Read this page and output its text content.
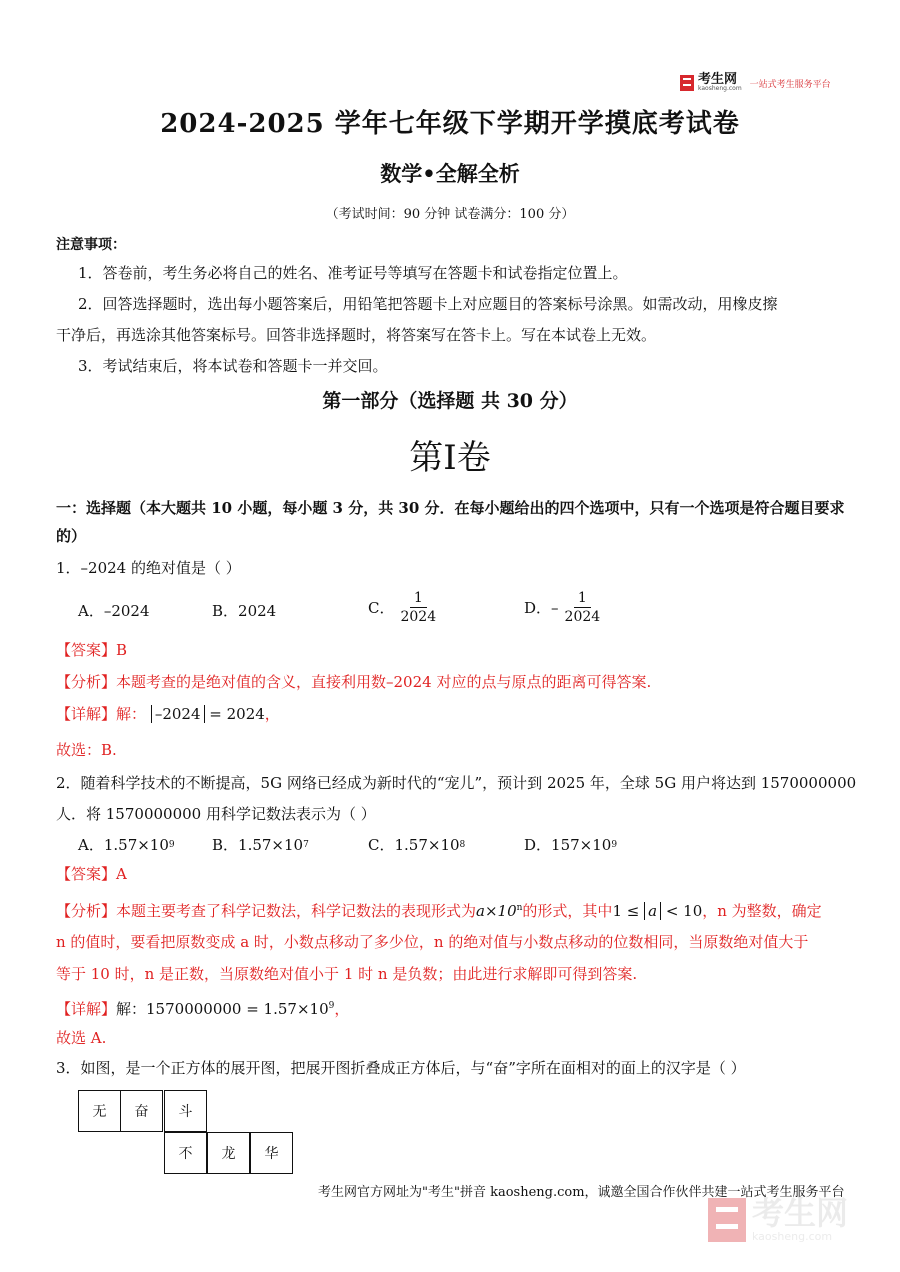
考生网
kaosheng.com 一站式考生服务平台
2024-2025 学年七年级下学期开学摸底考试卷
数学•全解全析
（考试时间：90 分钟 试卷满分：100 分）
注意事项：
1．答卷前，考生务必将自己的姓名、准考证号等填写在答题卡和试卷指定位置上。
2．回答选择题时，选出每小题答案后，用铅笔把答题卡上对应题目的答案标号涂黑。如需改动，用橡皮擦
干净后，再选涂其他答案标号。回答非选择题时，将答案写在答卡上。写在本试卷上无效。
3．考试结束后，将本试卷和答题卡一并交回。
第一部分（选择题 共 30 分）
第I卷
一：选择题（本大题共 10 小题，每小题 3 分，共 30 分．在每小题给出的四个选项中，只有一个选项是符合题目要求的）
1．–2024 的绝对值是（ ）
A．–2024	B．2024	C． $\frac{1}{2024}$	D．– $\frac{1}{2024}$
【答案】B
【分析】本题考查的是绝对值的含义，直接利用数–2024 对应的点与原点的距离可得答案.
【详解】解： –2024 = 2024，
故选：B.
2．随着科学技术的不断提高，5G 网络已经成为新时代的“宠儿”，预计到 2025 年，全球 5G 用户将达到 1570000000
人．将 1570000000 用科学记数法表示为（ ）
A．1.57×10 9 B．1.57×10 7	C．1.57×10 8	D．157×10 9
【答案】A
【分析】本题主要考查了科学记数法，科学记数法的表现形式为$a\times 10^n$的形式，其中1 ≤ a < 10，n 为整数，确定
n 的值时，要看把原数变成 a 时，小数点移动了多少位，n 的绝对值与小数点移动的位数相同，当原数绝对值大于
等于 10 时，n 是正数，当原数绝对值小于 1 时 n 是负数；由此进行求解即可得到答案.
【详解】解：$1570000000 = 1.57\times 10^9$，
故选 A.
3．如图，是一个正方体的展开图，把展开图折叠成正方体后，与“奋”字所在面相对的面上的汉字是（ ）
无	奋	斗
不	龙	华
考生网官方网址为"考生"拼音 kaosheng.com，诚邀全国合作伙伴共建一站式考生服务平台
考生网
kaosheng.com
